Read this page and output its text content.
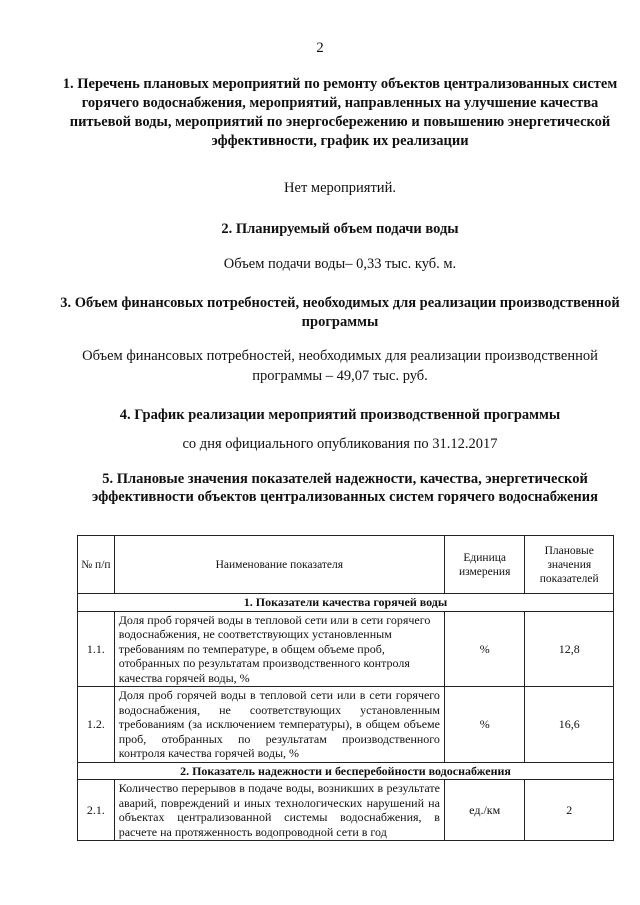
2
1. Перечень плановых мероприятий по ремонту объектов централизованных систем горячего водоснабжения, мероприятий, направленных на улучшение качества питьевой воды, мероприятий по энергосбережению и повышению энергетической эффективности, график их реализации
Нет мероприятий.
2. Планируемый объем подачи воды
Объем подачи воды– 0,33 тыс. куб. м.
3. Объем финансовых потребностей, необходимых для реализации производственной программы
Объем финансовых потребностей, необходимых для реализации производственной программы – 49,07 тыс. руб.
4. График реализации мероприятий производственной программы
со дня официального опубликования по 31.12.2017
5. Плановые значения показателей надежности, качества, энергетической эффективности объектов централизованных систем горячего водоснабжения
№ п/п	Наименование показателя	Единица измерения	Плановые значения показателей
1. Показатели качества горячей воды			
1.1.	Доля проб горячей воды в тепловой сети или в сети горячего водоснабжения, не соответствующих установленным требованиям по температуре, в общем объеме проб, отобранных по результатам производственного контроля качества горячей воды, %	%	12,8
1.2.	Доля проб горячей воды в тепловой сети или в сети горячего водоснабжения, не соответствующих установленным требованиям (за исключением температуры), в общем объеме проб, отобранных по результатам производственного контроля качества горячей воды, %	%	16,6
2. Показатель надежности и бесперебойности водоснабжения			
2.1.	Количество перерывов в подаче воды, возникших в результате аварий, повреждений и иных технологических нарушений на объектах централизованной системы водоснабжения, в расчете на протяженность водопроводной сети в год	ед./км	2
